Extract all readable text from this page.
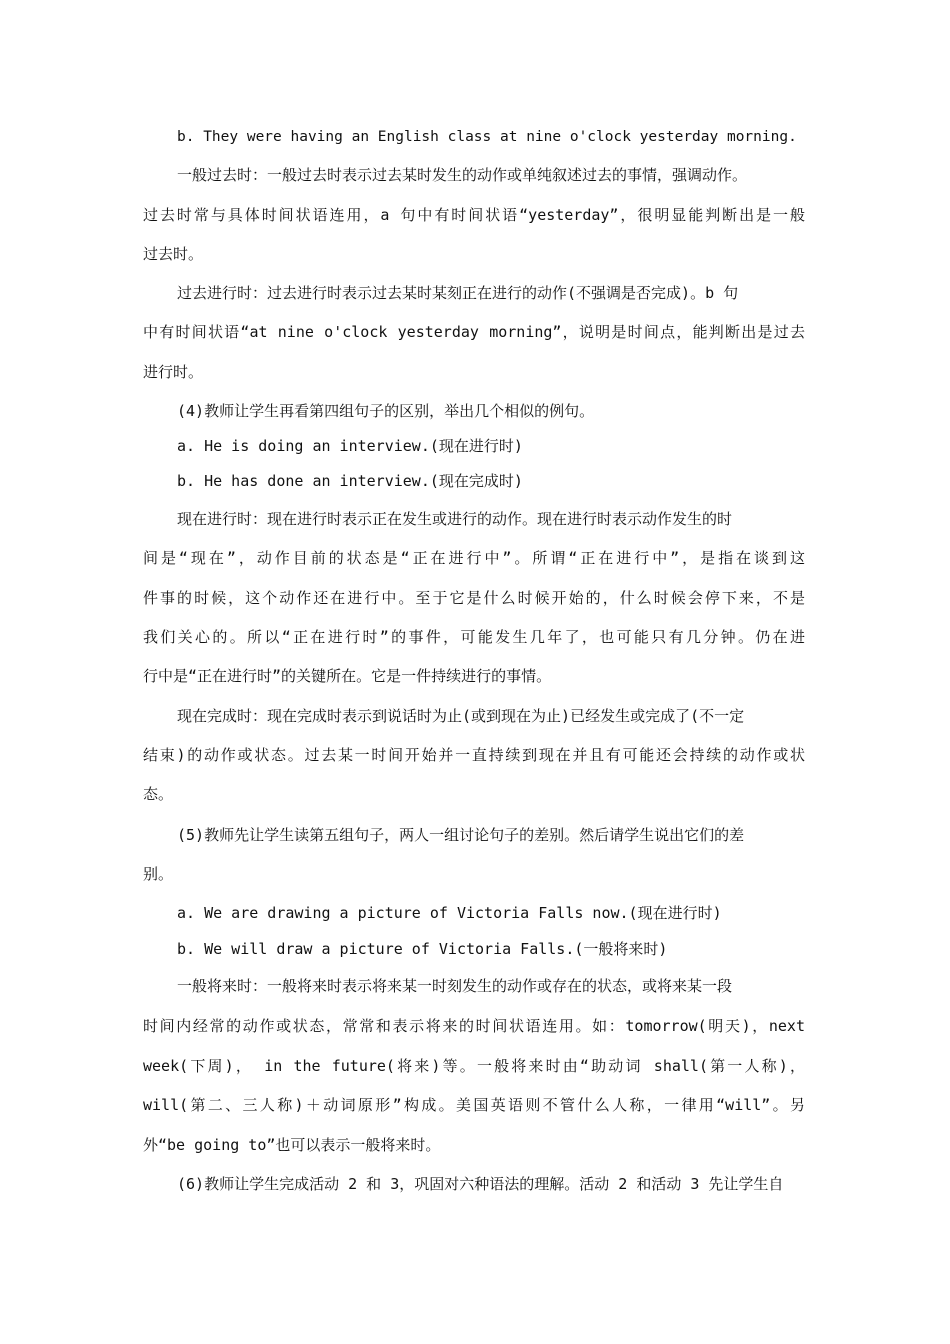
b. They were having an English class at nine o'clock yesterday morning.
一般过去时：一般过去时表示过去某时发生的动作或单纯叙述过去的事情，强调动作。
过去时常与具体时间状语连用，a 句中有时间状语“yesterday”，很明显能判断出是一般
过去时。
过去进行时：过去进行时表示过去某时某刻正在进行的动作(不强调是否完成)。b 句
中有时间状语“at nine o'clock yesterday morning”，说明是时间点，能判断出是过去
进行时。
(4)教师让学生再看第四组句子的区别，举出几个相似的例句。
a. He is doing an interview.(现在进行时)
b. He has done an interview.(现在完成时)
现在进行时：现在进行时表示正在发生或进行的动作。现在进行时表示动作发生的时
间是“现在”，动作目前的状态是“正在进行中”。所谓“正在进行中”，是指在谈到这
件事的时候，这个动作还在进行中。至于它是什么时候开始的，什么时候会停下来，不是
我们关心的。所以“正在进行时”的事件，可能发生几年了，也可能只有几分钟。仍在进
行中是“正在进行时”的关键所在。它是一件持续进行的事情。
现在完成时：现在完成时表示到说话时为止(或到现在为止)已经发生或完成了(不一定
结束)的动作或状态。过去某一时间开始并一直持续到现在并且有可能还会持续的动作或状
态。
(5)教师先让学生读第五组句子，两人一组讨论句子的差别。然后请学生说出它们的差
别。
a. We are drawing a picture of Victoria Falls now.(现在进行时)
b. We will draw a picture of Victoria Falls.(一般将来时)
一般将来时：一般将来时表示将来某一时刻发生的动作或存在的状态，或将来某一段
时间内经常的动作或状态，常常和表示将来的时间状语连用。如：tomorrow(明天)，next
week(下周)， in the future(将来)等。一般将来时由“助动词 shall(第一人称)，
will(第二、三人称)＋动词原形”构成。美国英语则不管什么人称，一律用“will”。另
外“be going to”也可以表示一般将来时。
(6)教师让学生完成活动 2 和 3，巩固对六种语法的理解。活动 2 和活动 3 先让学生自
